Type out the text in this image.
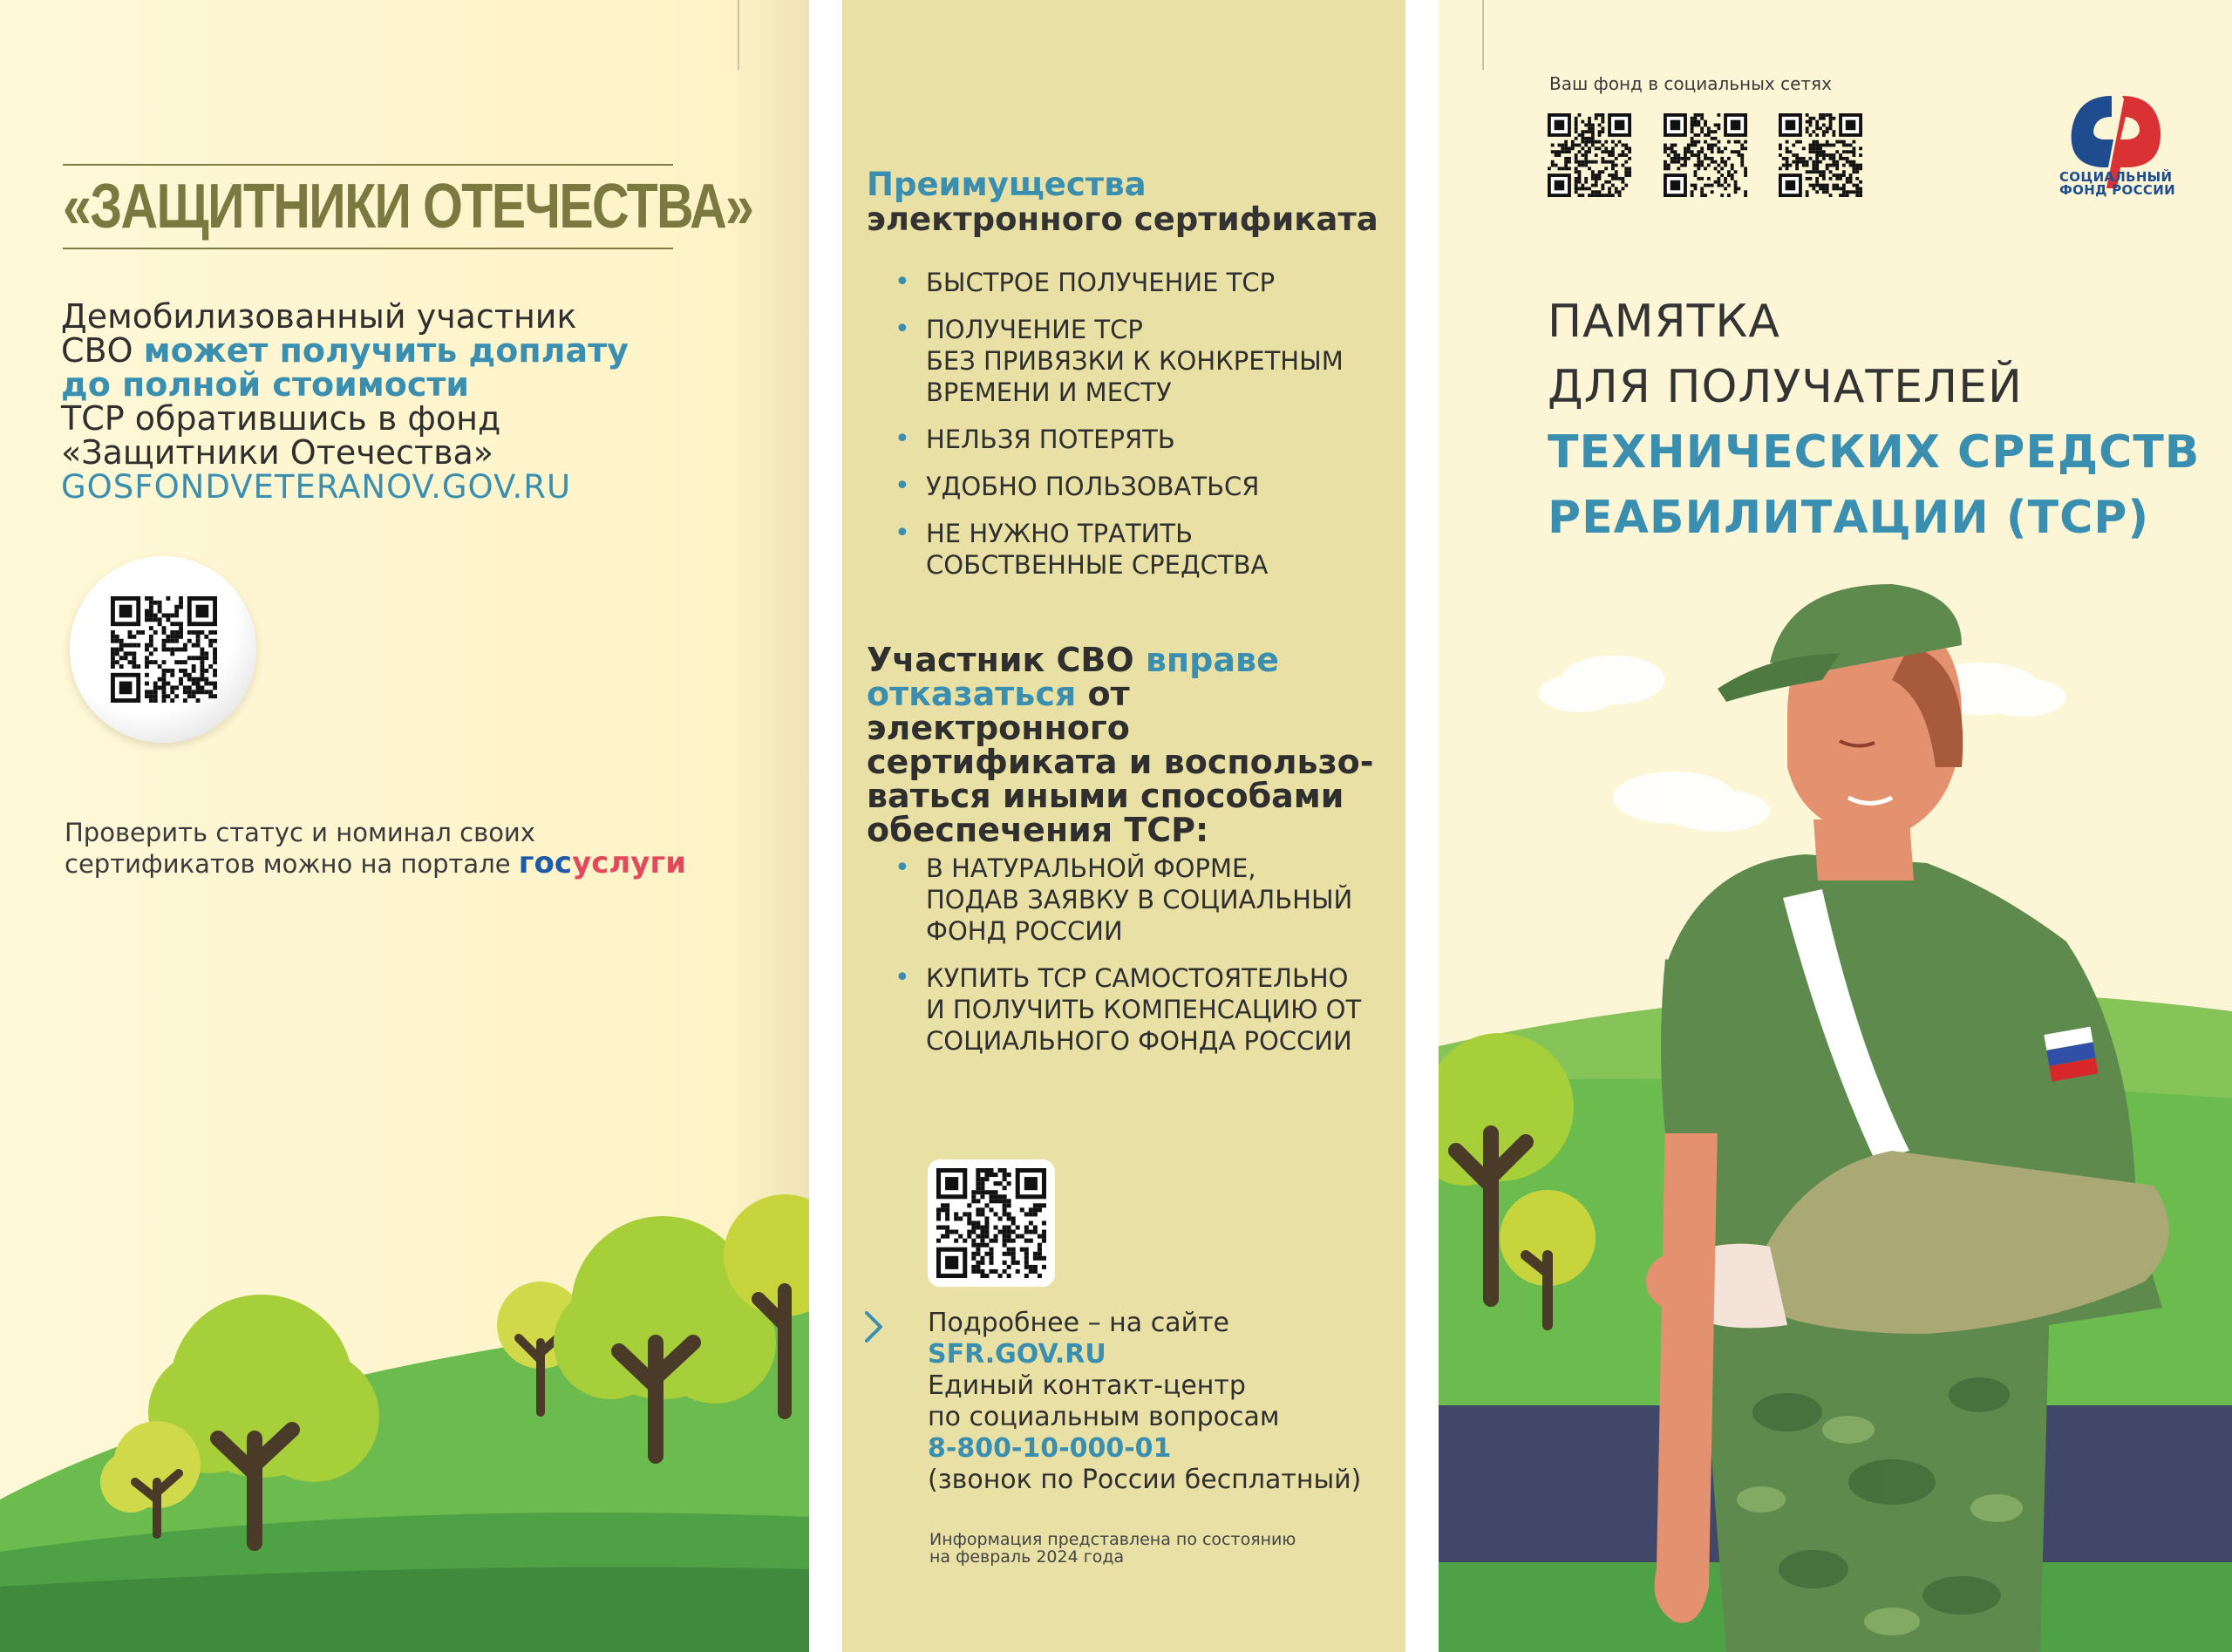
«ЗАЩИТНИКИ ОТЕЧЕСТВА»
Демобилизованный участник
СВО может получить доплату
до полной стоимости
ТСР обратившись в фонд
«Защитники Отечества»
GOSFONDVETERANOV.GOV.RU
Проверить статус и номинал своих
сертификатов можно на портале госуслуги
Преимущества
электронного сертификата
• БЫСТРОЕ ПОЛУЧЕНИЕ ТСР
• ПОЛУЧЕНИЕ ТСР
БЕЗ ПРИВЯЗКИ К КОНКРЕТНЫМ
ВРЕМЕНИ И МЕСТУ
• НЕЛЬЗЯ ПОТЕРЯТЬ
• УДОБНО ПОЛЬЗОВАТЬСЯ
• НЕ НУЖНО ТРАТИТЬ
СОБСТВЕННЫЕ СРЕДСТВА
Участник СВО вправе отказаться от электронного сертификата и воспользо-ваться иными способами обеспечения ТСР:
• В НАТУРАЛЬНОЙ ФОРМЕ,
ПОДАВ ЗАЯВКУ В СОЦИАЛЬНЫЙ
ФОНД РОССИИ
• КУПИТЬ ТСР САМОСТОЯТЕЛЬНО
И ПОЛУЧИТЬ КОМПЕНСАЦИЮ ОТ
СОЦИАЛЬНОГО ФОНДА РОССИИ
Подробнее – на сайте
SFR.GOV.RU
Единый контакт-центр
по социальным вопросам
8-800-10-000-01
(звонок по России бесплатный)
Информация представлена по состоянию
на февраль 2024 года
Ваш фонд в социальных сетях
СОЦИАЛЬНЫЙ
ФОНД РОССИИ
ПАМЯТКА
ДЛЯ ПОЛУЧАТЕЛЕЙ
ТЕХНИЧЕСКИХ СРЕДСТВ
РЕАБИЛИТАЦИИ (ТСР)
